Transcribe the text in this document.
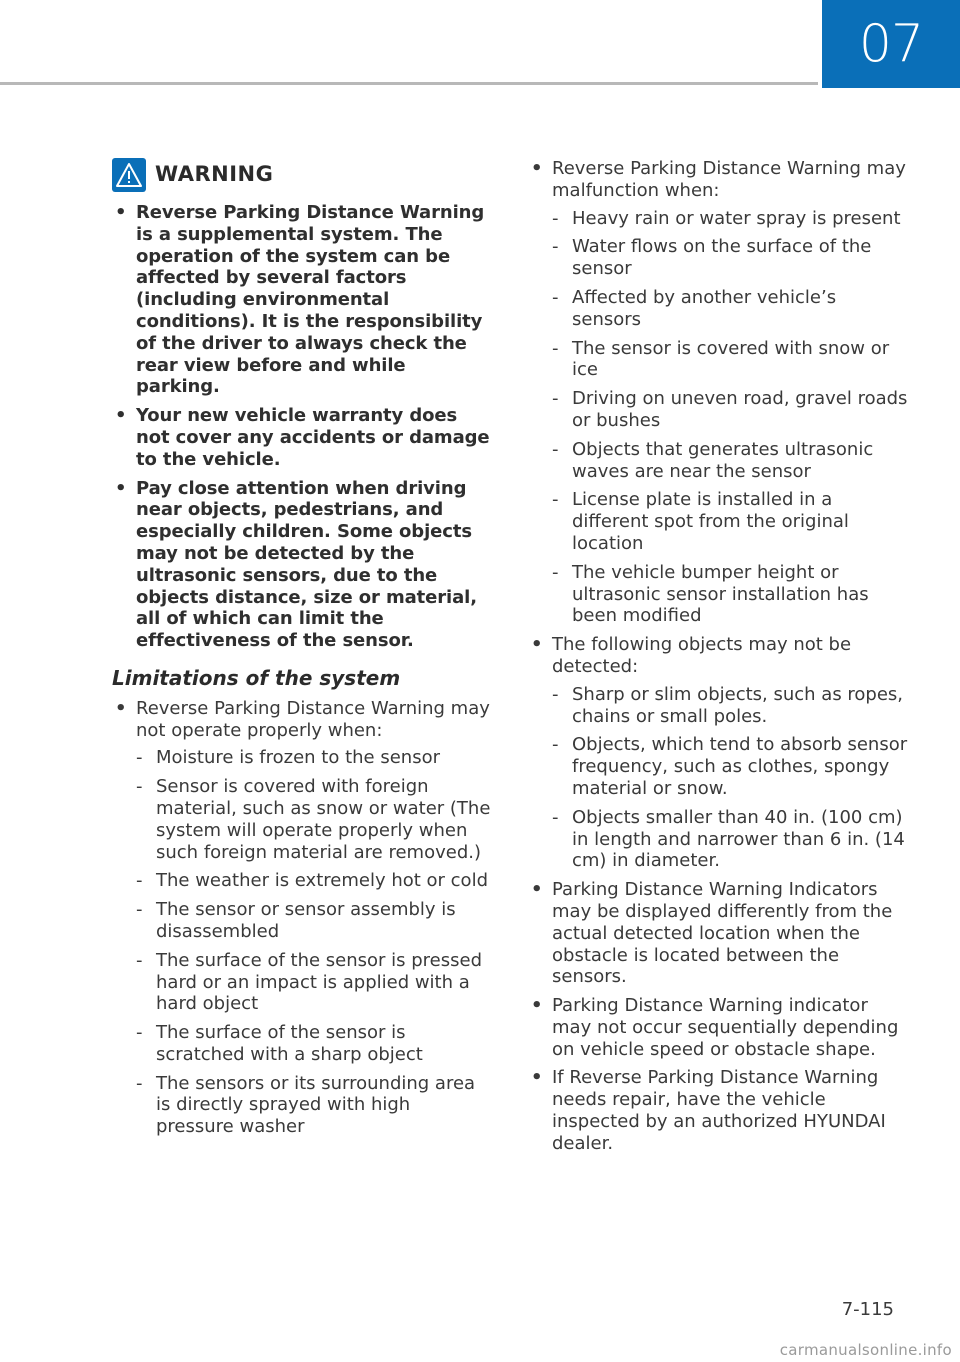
07
WARNING
• Reverse Parking Distance Warning is a supplemental system. The operation of the system can be affected by several factors (including environmental conditions). It is the responsibility of the driver to always check the rear view before and while parking.
• Your new vehicle warranty does not cover any accidents or damage to the vehicle.
• Pay close attention when driving near objects, pedestrians, and especially children. Some objects may not be detected by the ultrasonic sensors, due to the objects distance, size or material, all of which can limit the effectiveness of the sensor.
Limitations of the system
• Reverse Parking Distance Warning may not operate properly when:
- Moisture is frozen to the sensor
- Sensor is covered with foreign material, such as snow or water (The system will operate properly when such foreign material are removed.)
- The weather is extremely hot or cold
- The sensor or sensor assembly is disassembled
- The surface of the sensor is pressed hard or an impact is applied with a hard object
- The surface of the sensor is scratched with a sharp object
- The sensors or its surrounding area is directly sprayed with high pressure washer
• Reverse Parking Distance Warning may malfunction when:
- Heavy rain or water spray is present
- Water flows on the surface of the sensor
- Affected by another vehicle’s sensors
- The sensor is covered with snow or ice
- Driving on uneven road, gravel roads or bushes
- Objects that generates ultrasonic waves are near the sensor
- License plate is installed in a different spot from the original location
- The vehicle bumper height or ultrasonic sensor installation has been modified
• The following objects may not be detected:
- Sharp or slim objects, such as ropes, chains or small poles.
- Objects, which tend to absorb sensor frequency, such as clothes, spongy material or snow.
- Objects smaller than 40 in. (100 cm) in length and narrower than 6 in. (14 cm) in diameter.
• Parking Distance Warning Indicators may be displayed differently from the actual detected location when the obstacle is located between the sensors.
• Parking Distance Warning indicator may not occur sequentially depending on vehicle speed or obstacle shape.
• If Reverse Parking Distance Warning needs repair, have the vehicle inspected by an authorized HYUNDAI dealer.
7-115
carmanualsonline.info
